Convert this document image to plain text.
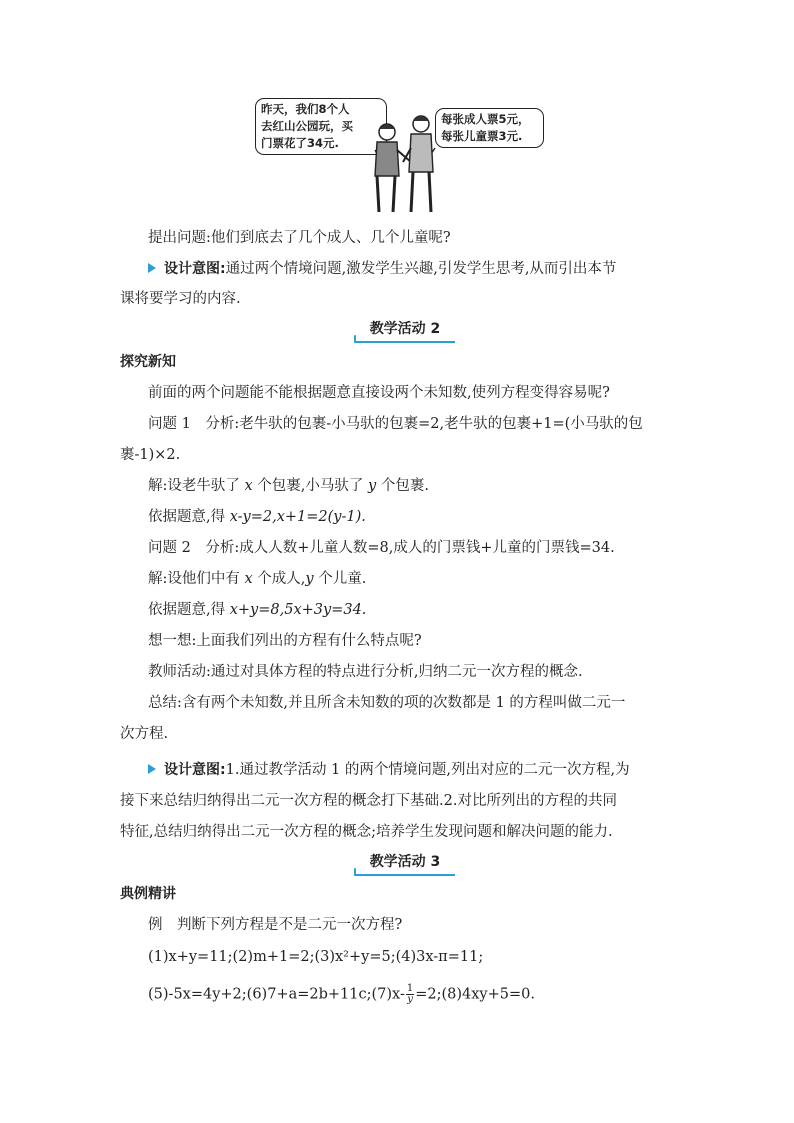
昨天，我们8个人
去红山公园玩，买
门票花了34元.
每张成人票5元，
每张儿童票3元.
提出问题:他们到底去了几个成人、几个儿童呢?
设计意图:通过两个情境问题,激发学生兴趣,引发学生思考,从而引出本节
课将要学习的内容.
教学活动 2
探究新知
前面的两个问题能不能根据题意直接设两个未知数,使列方程变得容易呢?
问题 1　分析:老牛驮的包裹-小马驮的包裹=2,老牛驮的包裹+1=(小马驮的包
裹-1)×2.
解:设老牛驮了 x 个包裹,小马驮了 y 个包裹.
依据题意,得 x-y=2,x+1=2(y-1).
问题 2　分析:成人人数+儿童人数=8,成人的门票钱+儿童的门票钱=34.
解:设他们中有 x 个成人,y 个儿童.
依据题意,得 x+y=8,5x+3y=34.
想一想:上面我们列出的方程有什么特点呢?
教师活动:通过对具体方程的特点进行分析,归纳二元一次方程的概念.
总结:含有两个未知数,并且所含未知数的项的次数都是 1 的方程叫做二元一
次方程.
设计意图:1.通过教学活动 1 的两个情境问题,列出对应的二元一次方程,为
接下来总结归纳得出二元一次方程的概念打下基础.2.对比所列出的方程的共同
特征,总结归纳得出二元一次方程的概念;培养学生发现问题和解决问题的能力.
教学活动 3
典例精讲
例　判断下列方程是不是二元一次方程?
(1)x+y=11;(2)m+1=2;(3)x²+y=5;(4)3x-π=11;
(5)-5x=4y+2;(6)7+a=2b+11c;(7)x- $\frac{1}{y}$ =2;(8)4xy+5=0.
